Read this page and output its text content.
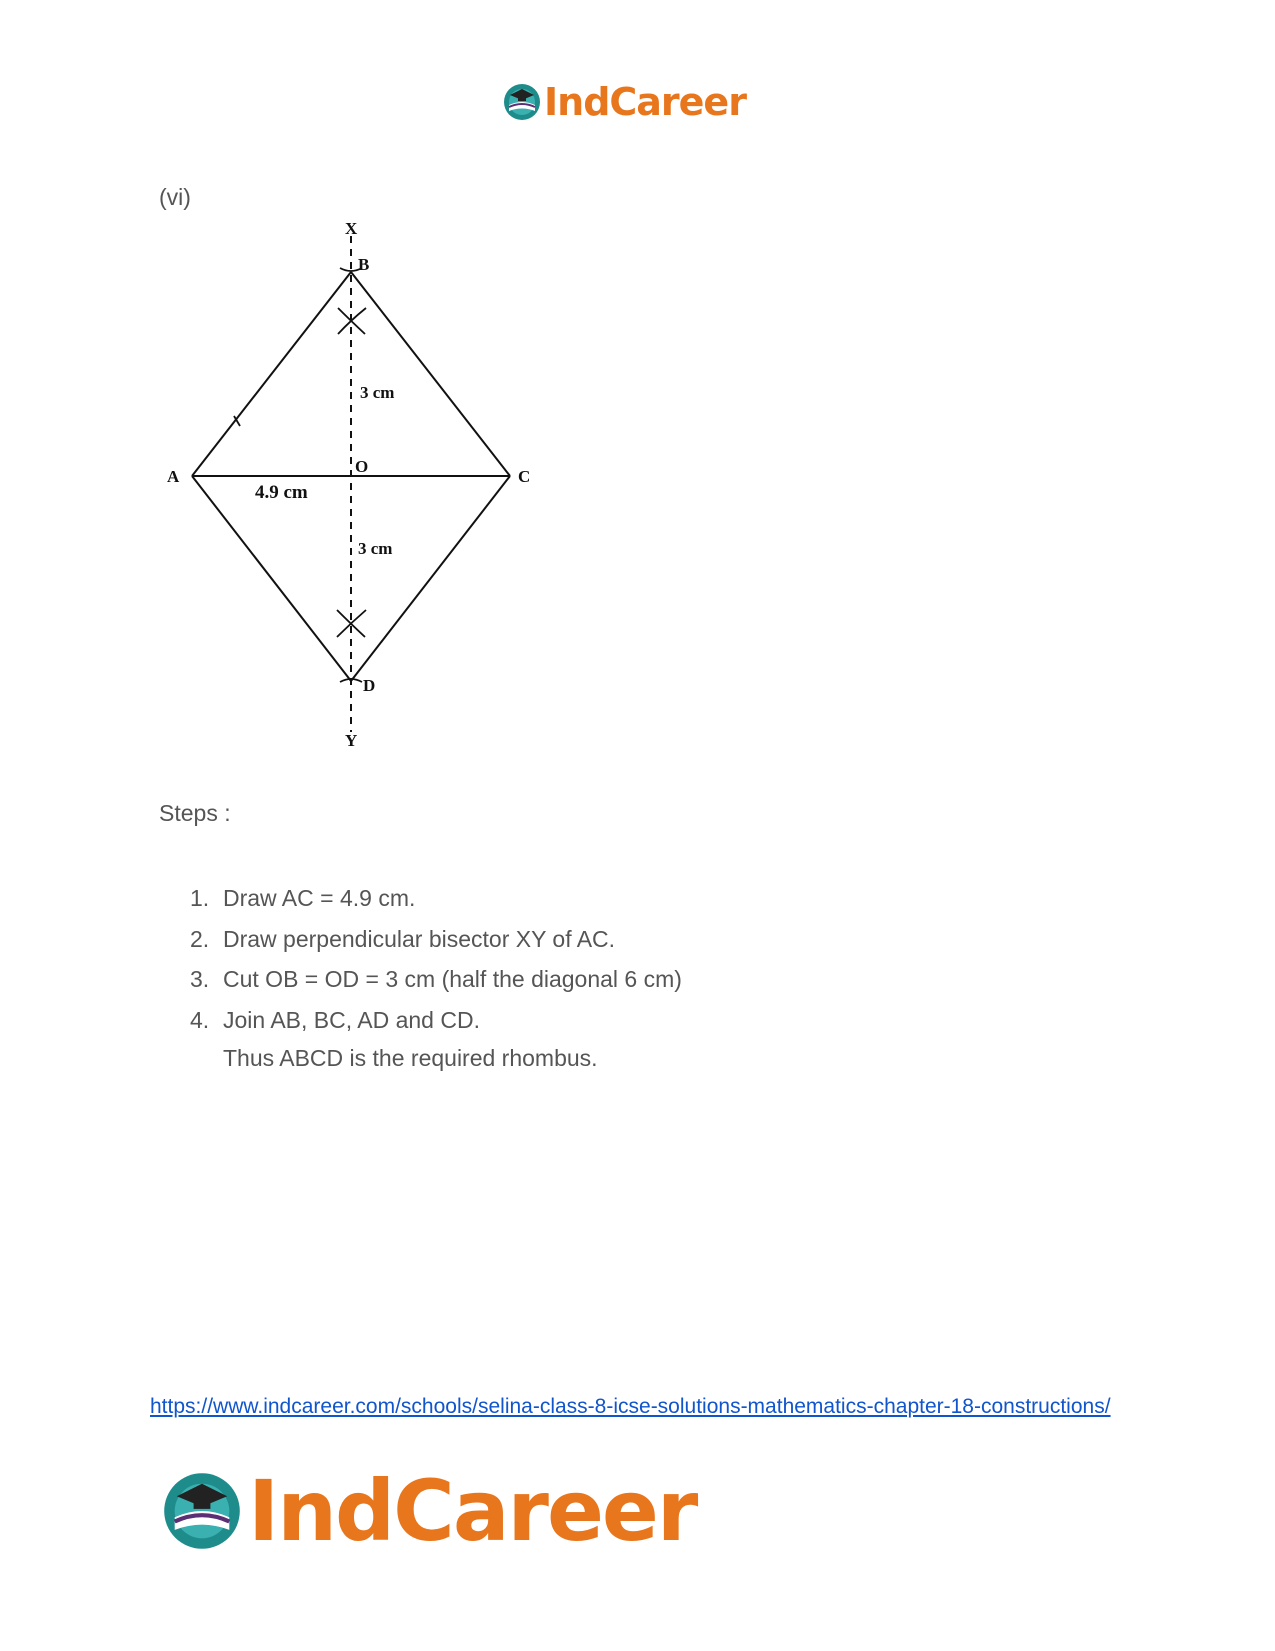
IndCareer
(vi)
X
B
A	C
O
D
Y
4.9 cm
3 cm
3 cm
Steps :
1. Draw AC = 4.9 cm.
2. Draw perpendicular bisector XY of AC.
3. Cut OB = OD = 3 cm (half the diagonal 6 cm)
4. Join AB, BC, AD and CD.
Thus ABCD is the required rhombus.
https://www.indcareer.com/schools/selina-class-8-icse-solutions-mathematics-chapter-18-constructions/
IndCareer
